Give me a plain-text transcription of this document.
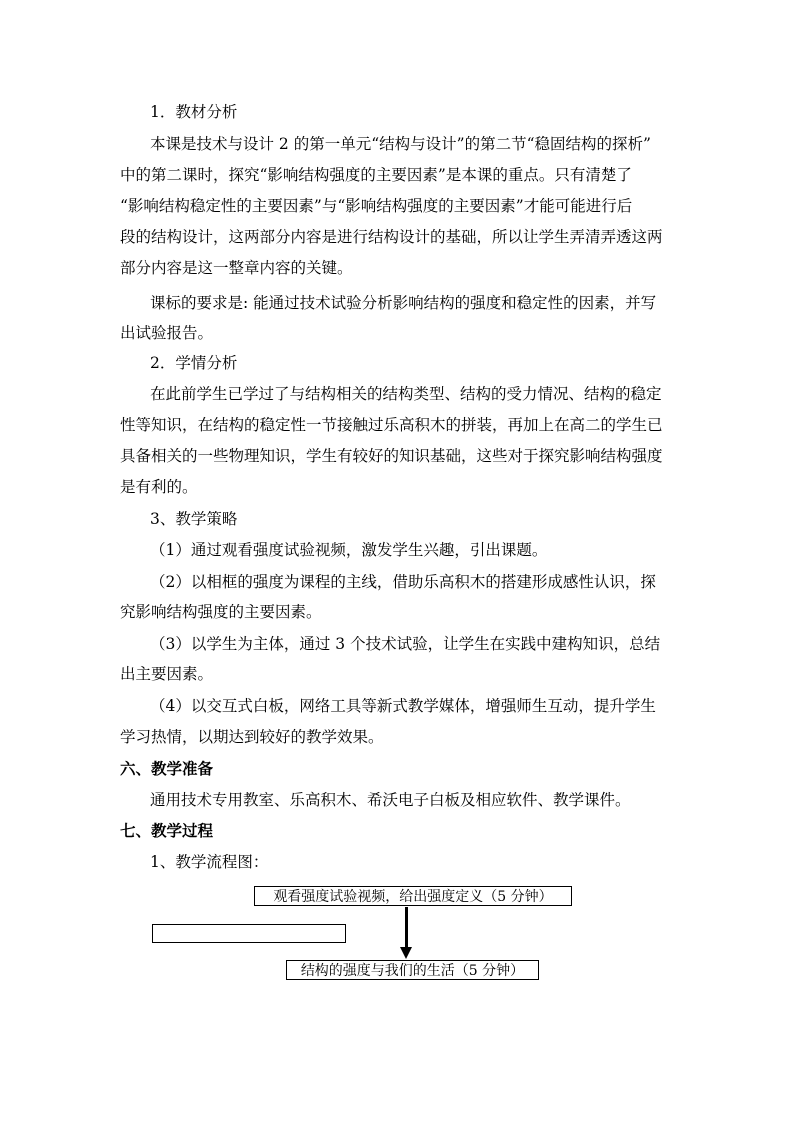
1．教材分析
本课是技术与设计 2 的第一单元“结构与设计”的第二节“稳固结构的探析”
中的第二课时，探究“影响结构强度的主要因素”是本课的重点。只有清楚了
“影响结构稳定性的主要因素”与“影响结构强度的主要因素”才能可能进行后
段的结构设计，这两部分内容是进行结构设计的基础，所以让学生弄清弄透这两
部分内容是这一整章内容的关键。
课标的要求是: 能通过技术试验分析影响结构的强度和稳定性的因素，并写
出试验报告。
2．学情分析
在此前学生已学过了与结构相关的结构类型、结构的受力情况、结构的稳定
性等知识，在结构的稳定性一节接触过乐高积木的拼装，再加上在高二的学生已
具备相关的一些物理知识，学生有较好的知识基础，这些对于探究影响结构强度
是有利的。
3、教学策略
（1）通过观看强度试验视频，激发学生兴趣，引出课题。
（2）以相框的强度为课程的主线，借助乐高积木的搭建形成感性认识，探
究影响结构强度的主要因素。
（3）以学生为主体，通过 3 个技术试验，让学生在实践中建构知识，总结
出主要因素。
（4）以交互式白板，网络工具等新式教学媒体，增强师生互动，提升学生
学习热情，以期达到较好的教学效果。
六、教学准备
通用技术专用教室、乐高积木、希沃电子白板及相应软件、教学课件。
七、教学过程
1、教学流程图：
观看强度试验视频，给出强度定义（5 分钟）
结构的强度与我们的生活（5 分钟）
